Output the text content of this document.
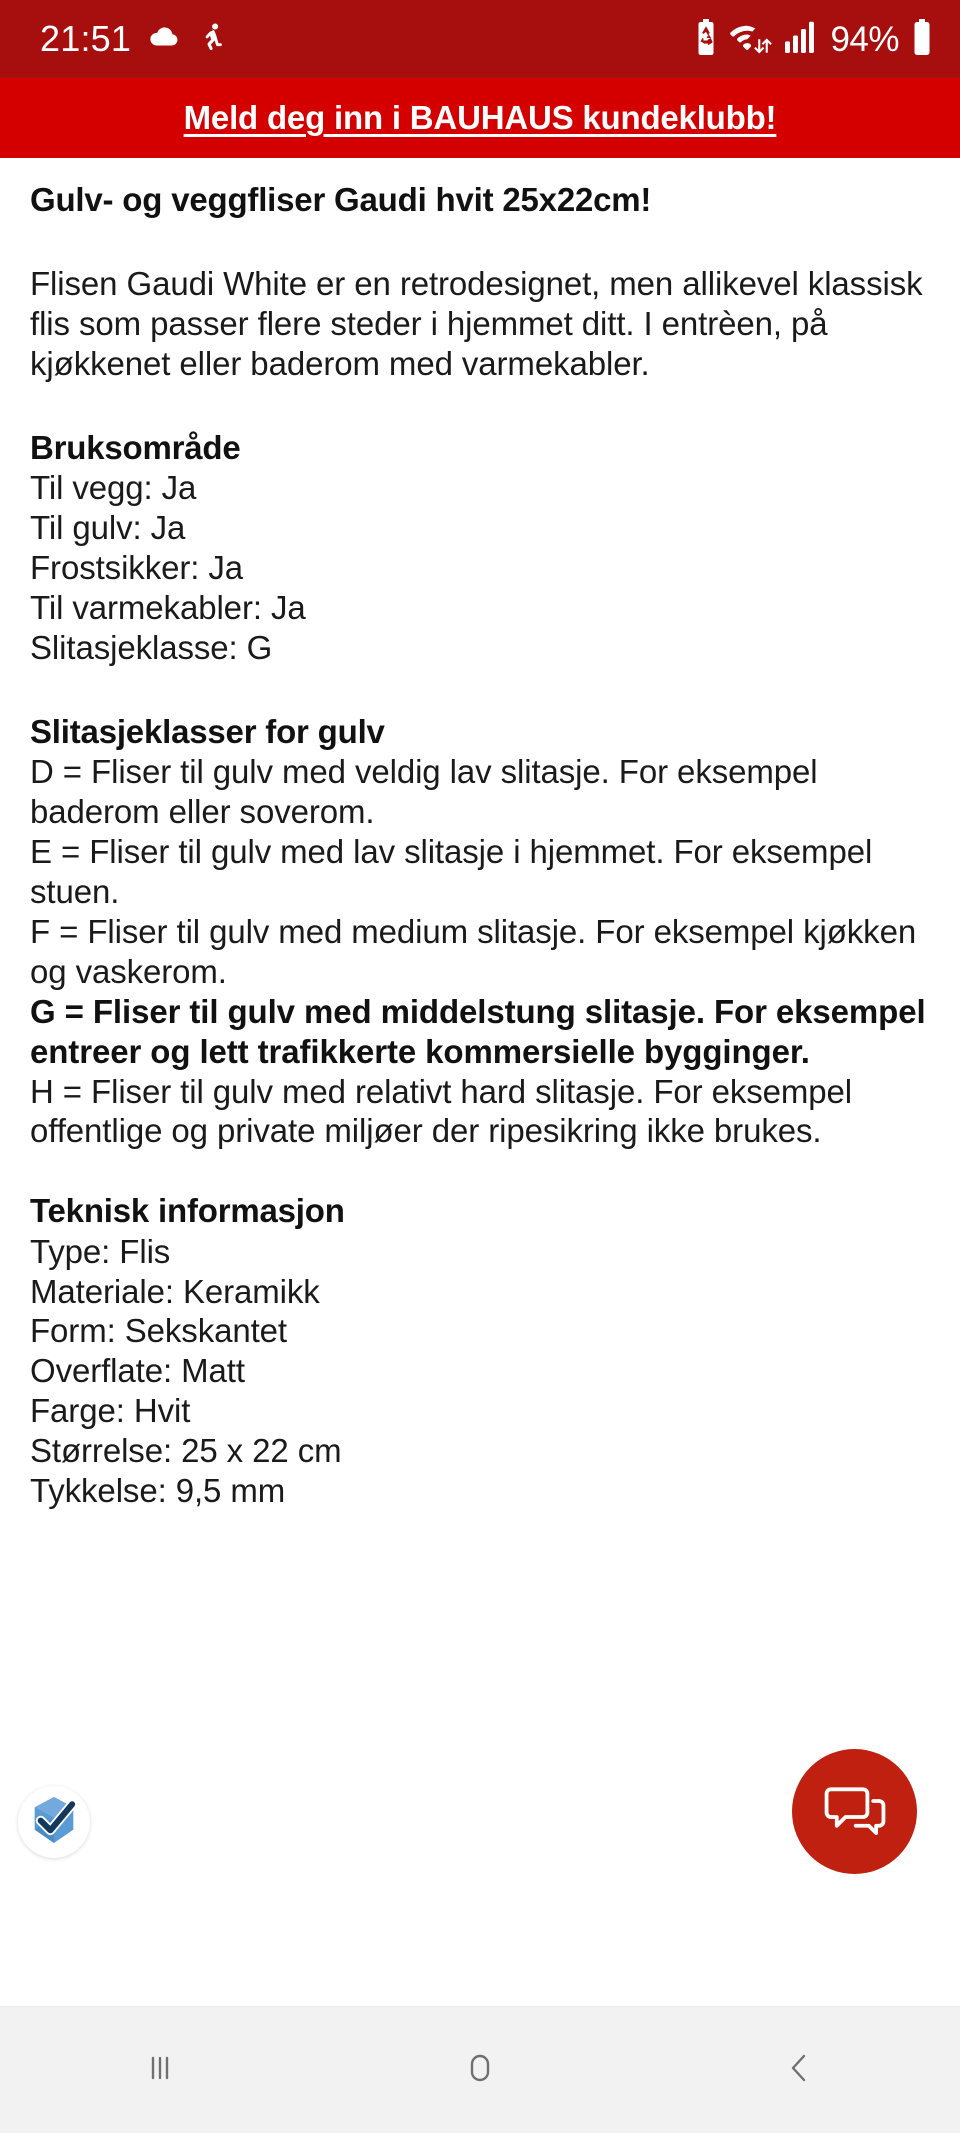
21:51	94%
Meld deg inn i BAUHAUS kundeklubb!
Gulv- og veggfliser Gaudi hvit 25x22cm!

Flisen Gaudi White er en retrodesignet, men allikevel klassisk flis som passer flere steder i hjemmet ditt. I entrèen, på kjøkkenet eller baderom med varmekabler.

Bruksområde
Til vegg: Ja
Til gulv: Ja
Frostsikker: Ja
Til varmekabler: Ja
Slitasjeklasse: G
Slitasjeklasser for gulv

D = Fliser til gulv med veldig lav slitasje. For eksempel baderom eller soverom.

E = Fliser til gulv med lav slitasje i hjemmet. For eksempel stuen.

F = Fliser til gulv med medium slitasje. For eksempel kjøkken og vaskerom.

G = Fliser til gulv med middelstung slitasje. For eksempel entreer og lett trafikkerte kommersielle bygginger.

H = Fliser til gulv med relativt hard slitasje. For eksempel offentlige og private miljøer der ripesikring ikke brukes.

Teknisk informasjon
Type: Flis
Materiale: Keramikk
Form: Sekskantet
Overflate: Matt
Farge: Hvit
Størrelse: 25 x 22 cm
Tykkelse: 9,5 mm
